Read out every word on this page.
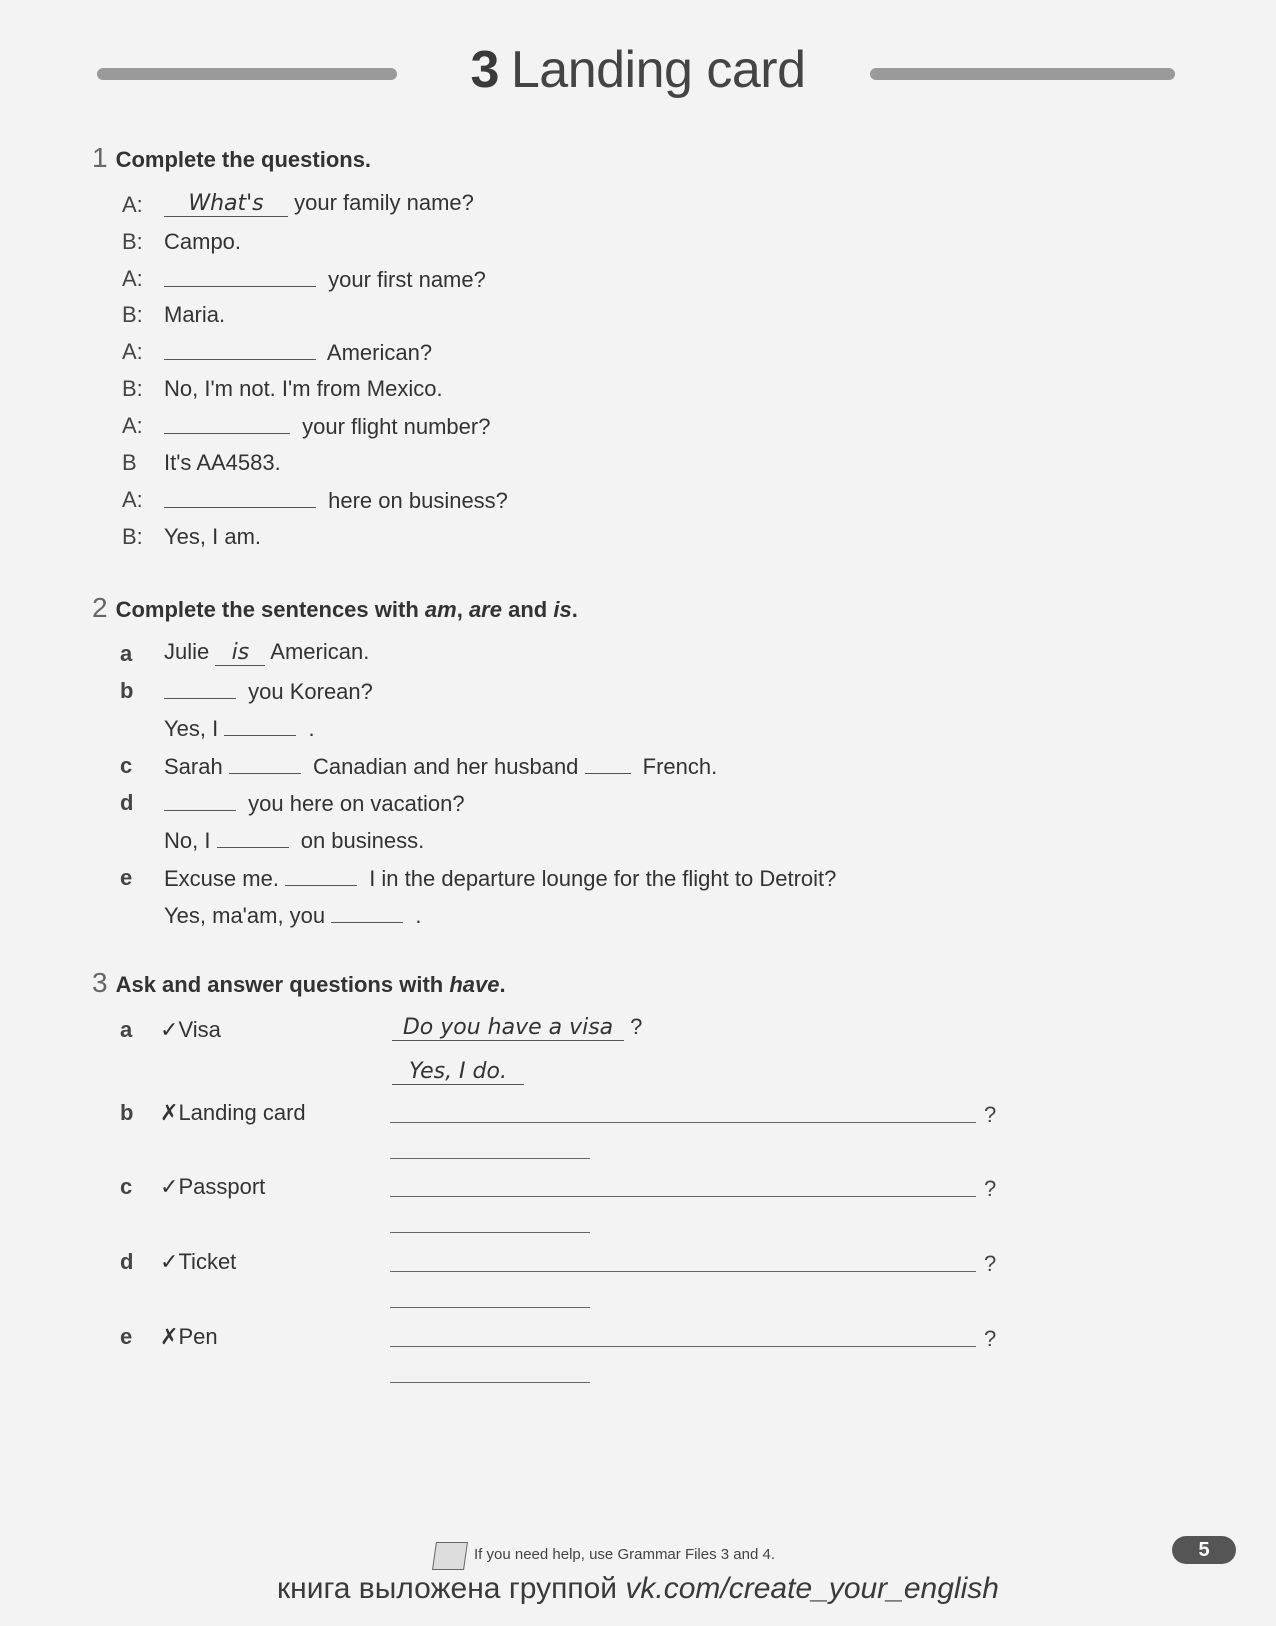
3 Landing card
1 Complete the questions.
A:	What's your family name?
B: Campo.
A:	your first name?
B: Maria.
A:	American?
B: No, I'm not. I'm from Mexico.
A:	your flight number?
B It's AA4583.
A:	here on business?
B: Yes, I am.
2 Complete the sentences with am, are and is.
a Julie is American.
b	you Korean?
Yes, I	.
c Sarah	Canadian and her husband	French.
d	you here on vacation?
No, I	on business.
e Excuse me.	I in the departure lounge for the flight to Detroit?
Yes, ma'am, you	.
3 Ask and answer questions with have.
a ✓Visa	Do you have a visa ?
Yes, I do.
b ✗Landing card	?
c ✓Passport	?
d ✓Ticket	?
e ✗Pen	?
If you need help, use Grammar Files 3 and 4.	5
книга выложена группой vk.com/create_your_english
